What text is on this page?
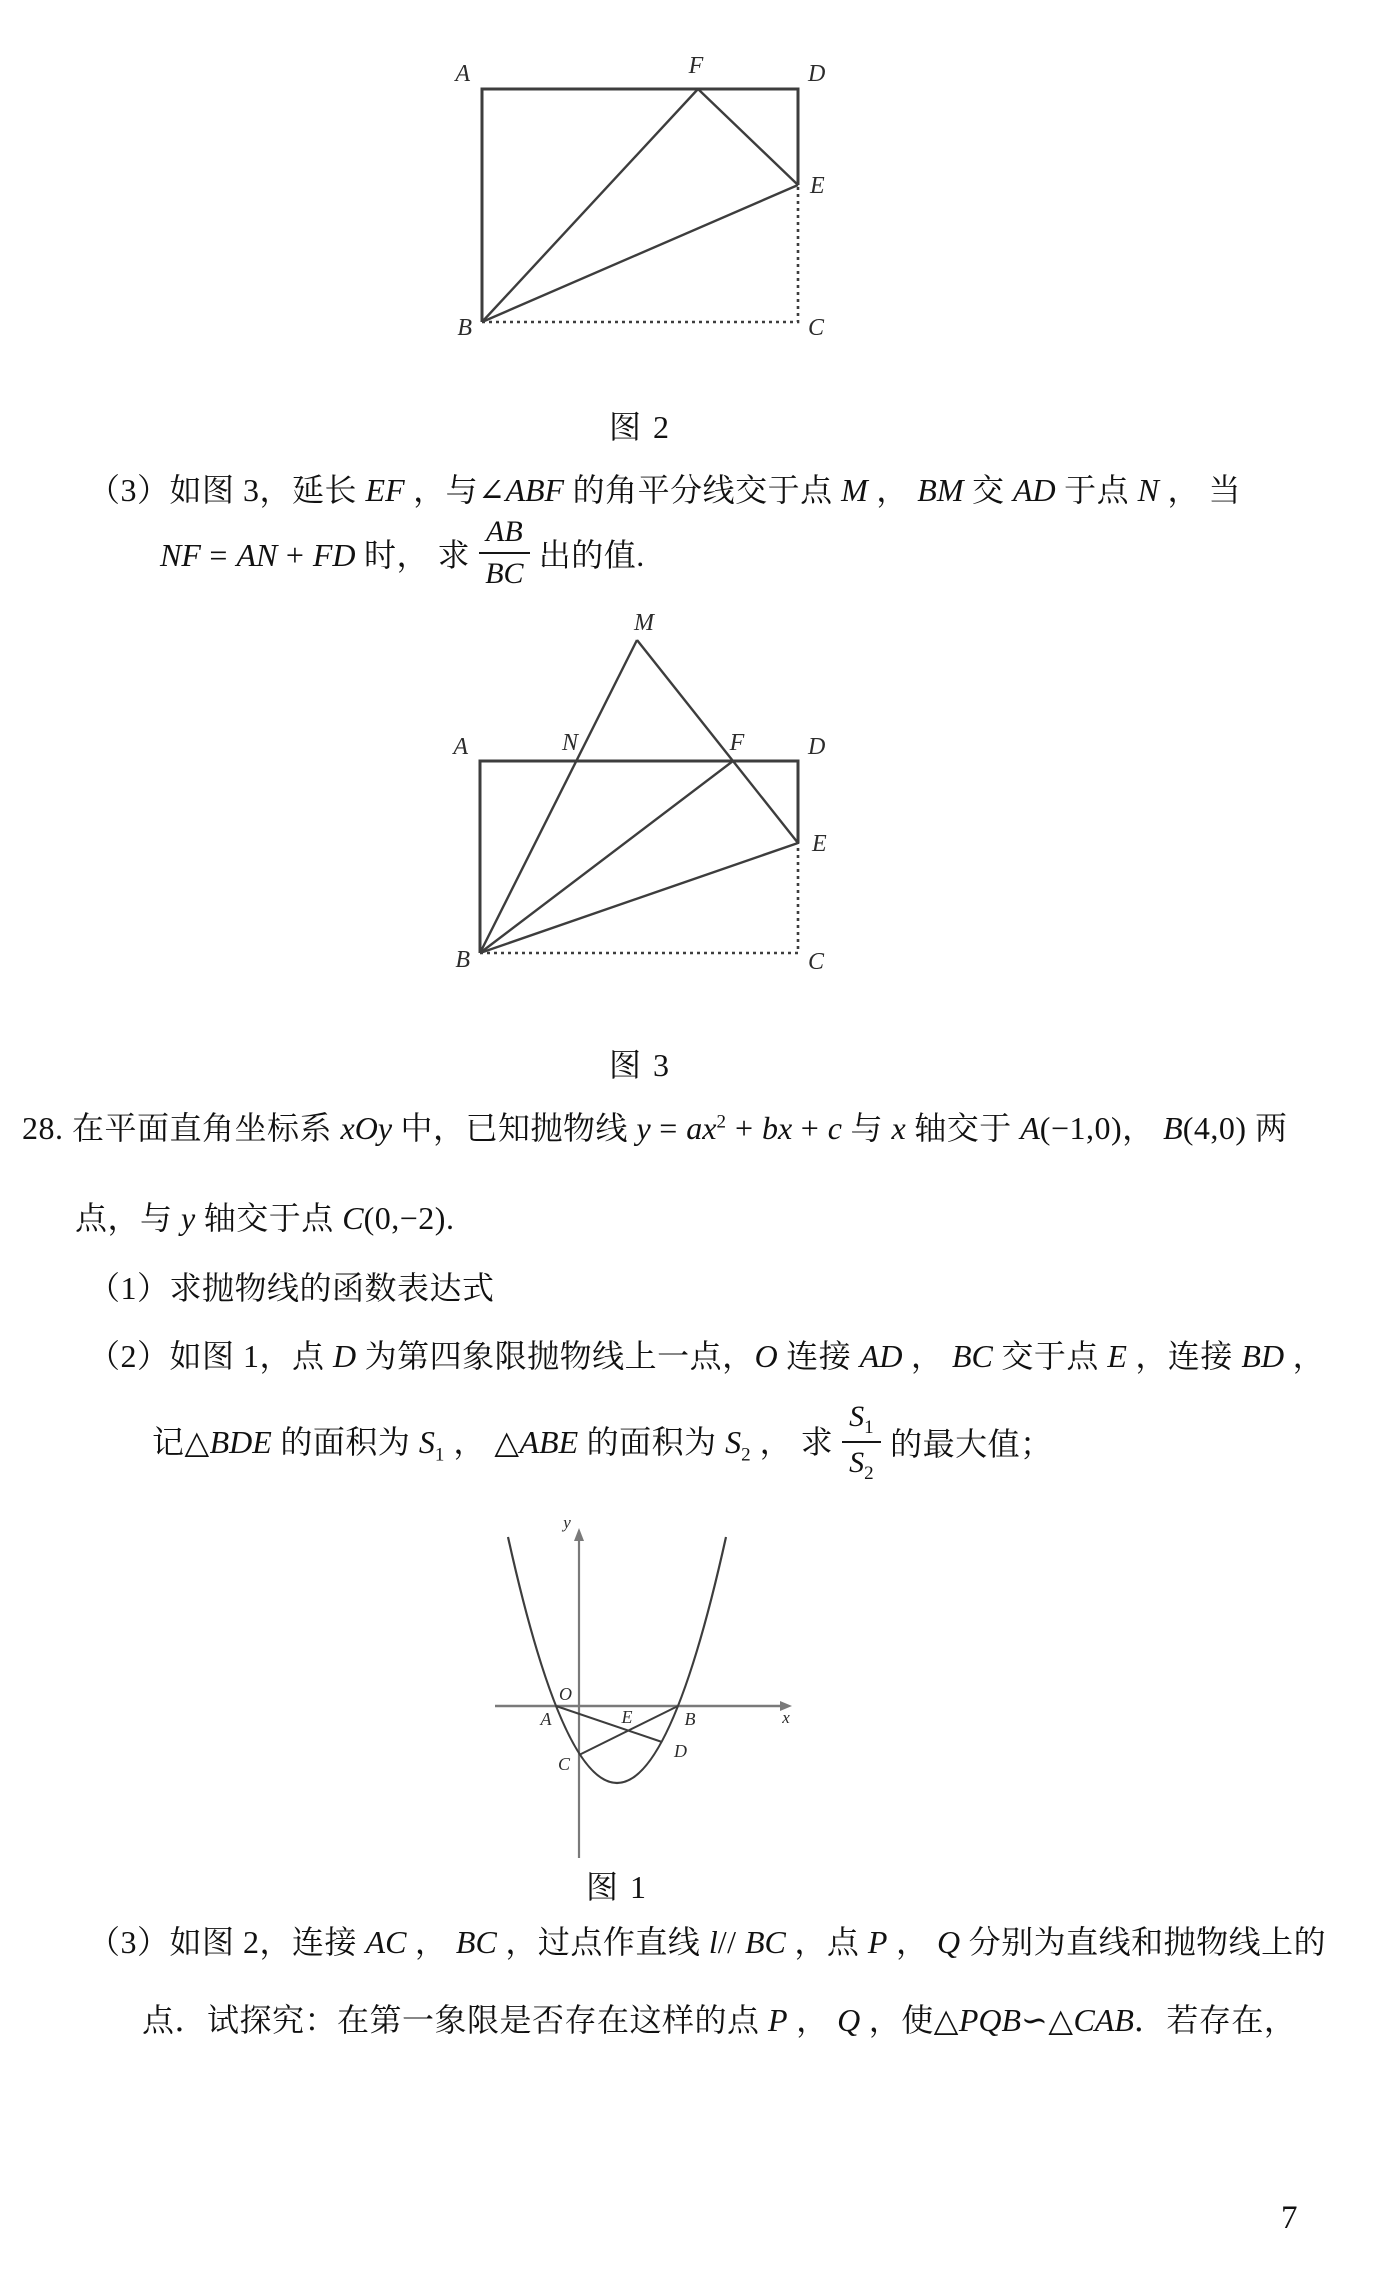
A	F	D
E
B	C
图 2
（3）如图 3，延长 EF ，与∠ABF 的角平分线交于点 M ， BM 交 AD 于点 N ， 当
NF = AN + FD 时， 求 $\frac{AB}{BC}$ 出的值.
M
N	F
A	D
E
B	C
图 3
28. 在平面直角坐标系 xOy 中，已知抛物线 $y = ax^2$ + bx + c 与 x 轴交于 A(−1,0)， B(4,0) 两
点，与 y 轴交于点 C(0,−2).
（1）求抛物线的函数表达式
（2）如图 1，点 D 为第四象限抛物线上一点，O 连接 AD ， BC 交于点 E ，连接 BD ，
记△BDE 的面积为 $S_1$ ， △ABE 的面积为 $S_2$ ， 求 $\frac{S_1}{S_2}$ 的最大值；
y
x
O
A	B
E
D
C
图 1
（3）如图 2，连接 AC ， BC ，过点作直线 l// BC ，点 P ， Q 分别为直线和抛物线上的
点．试探究：在第一象限是否存在这样的点 P ， Q ，使△PQB∽△CAB．若存在，
7
